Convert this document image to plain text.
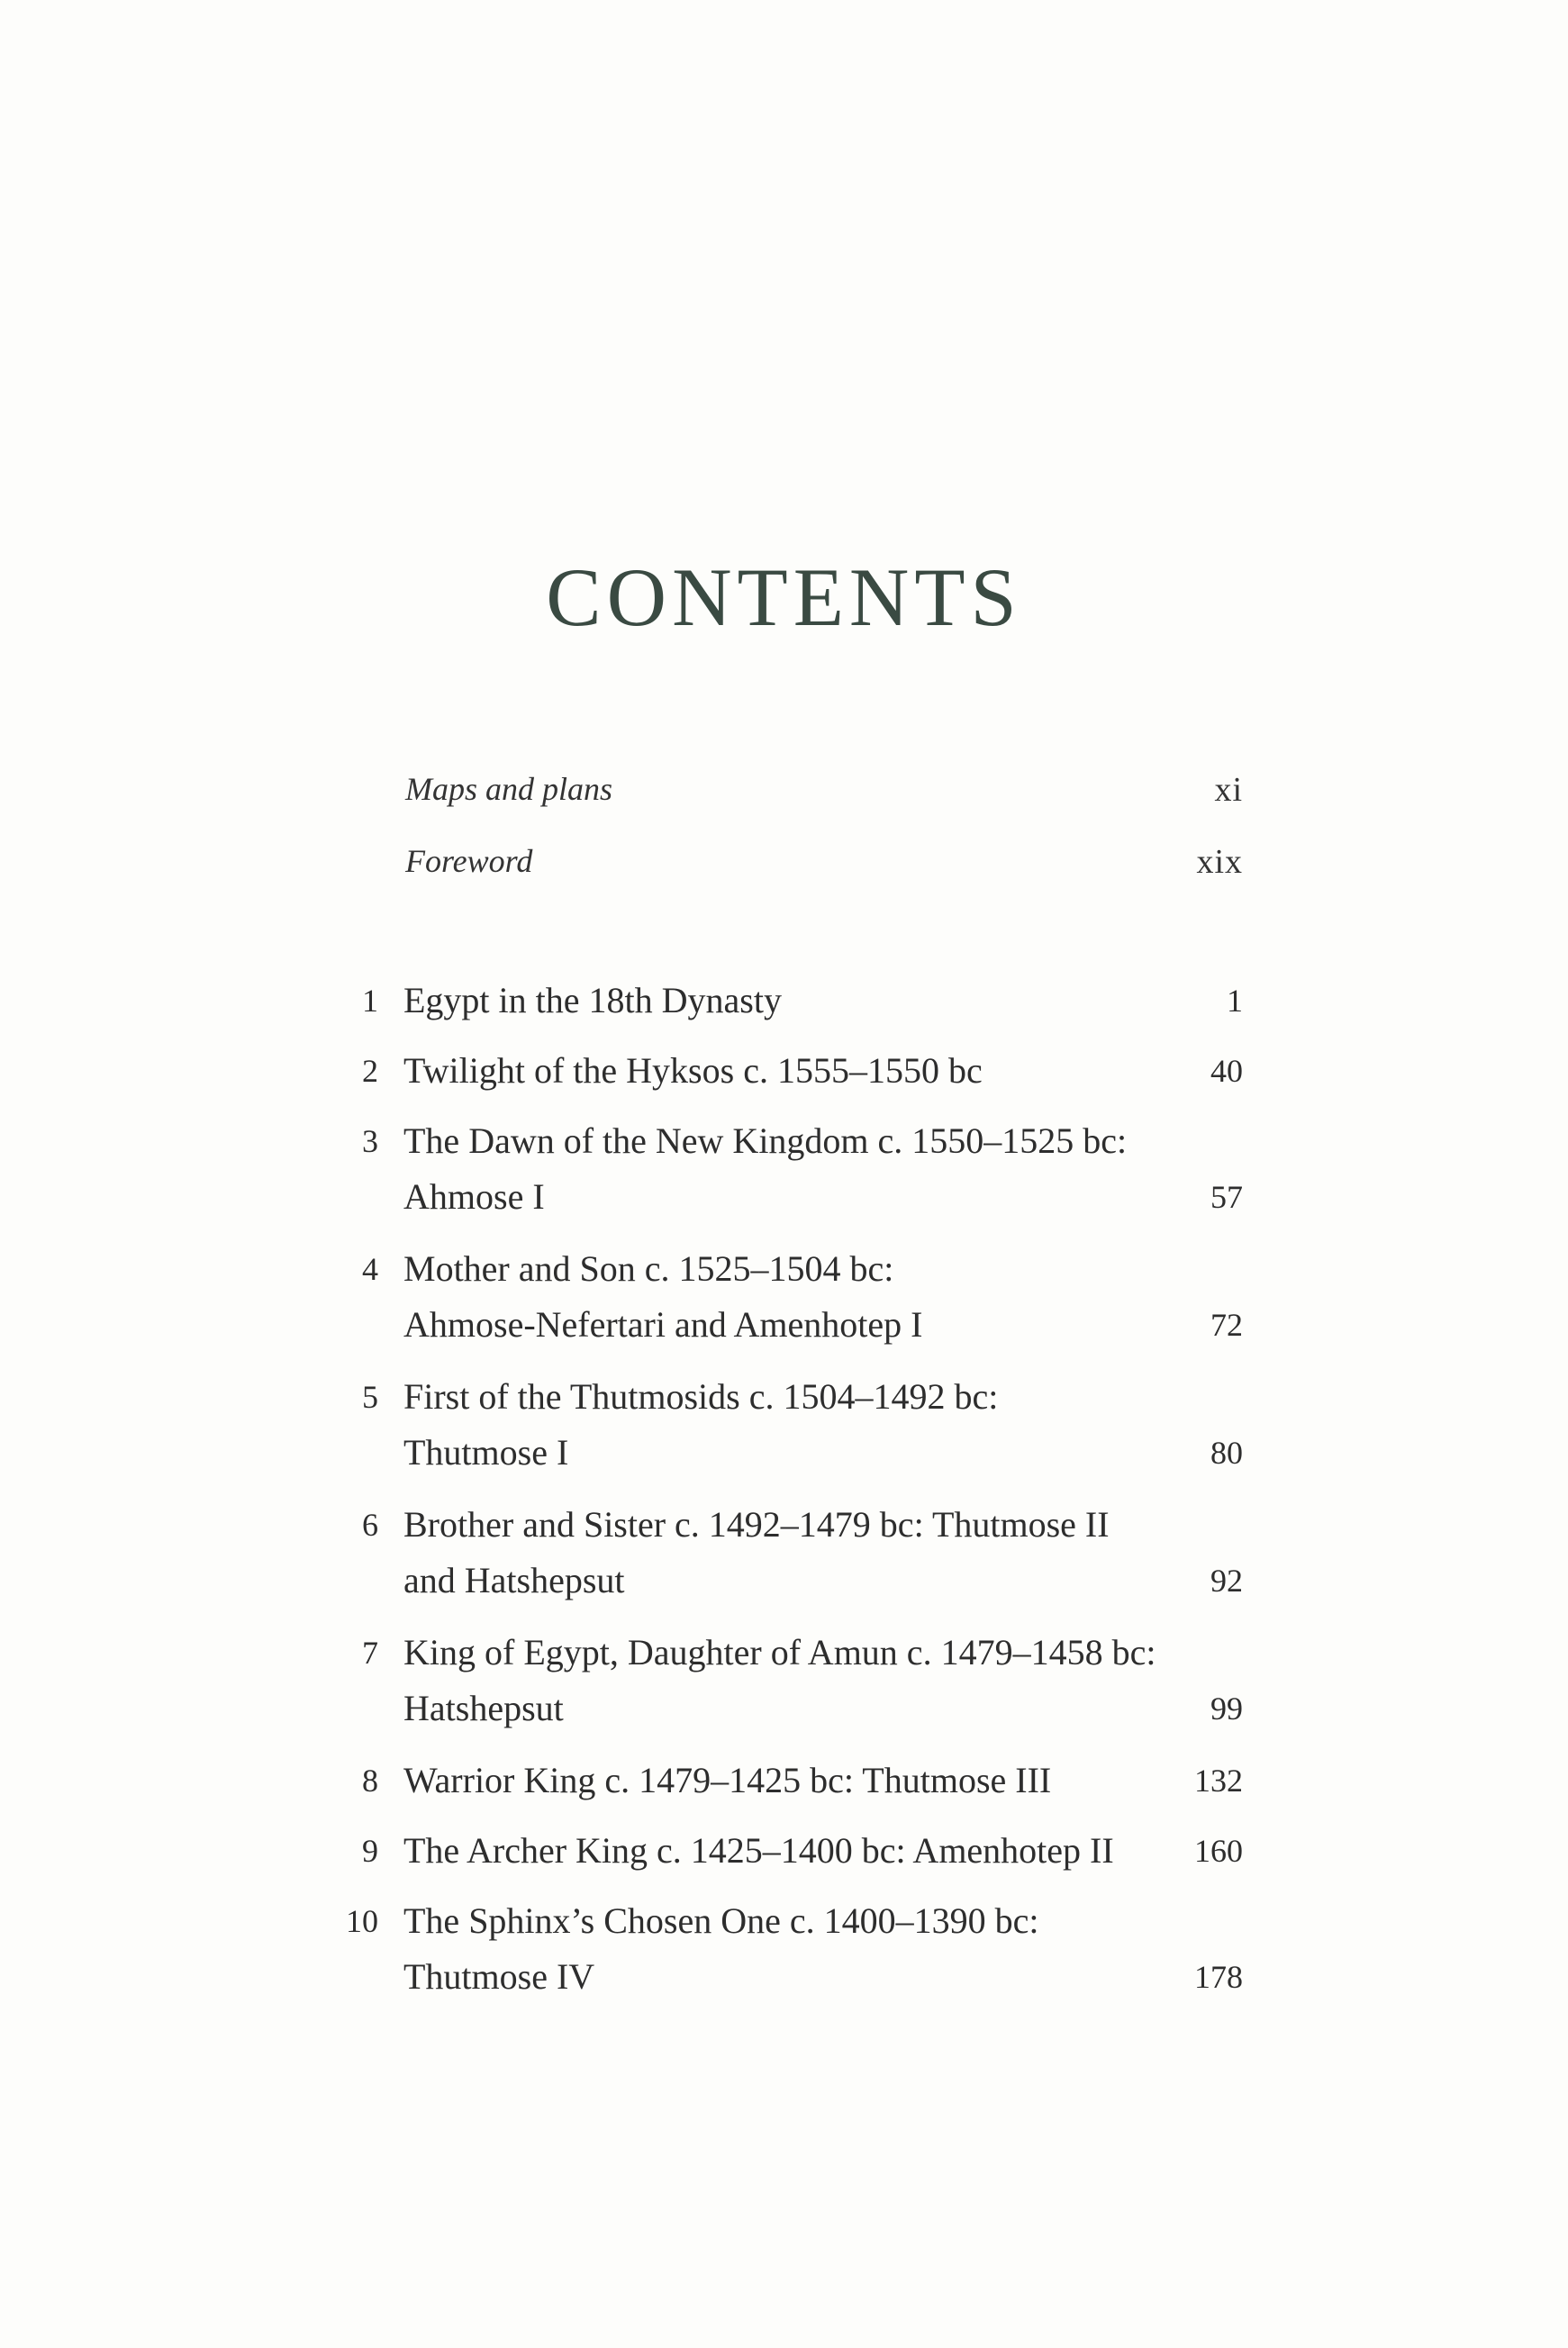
CONTENTS
Maps and plans	xi
Foreword	xix
1 Egypt in the 18th Dynasty	1
2 Twilight of the Hyksos c. 1555–1550 bc	40
3 The Dawn of the New Kingdom c. 1550–1525 bc:
Ahmose I	57
4 Mother and Son c. 1525–1504 bc:
Ahmose-Nefertari and Amenhotep I	72
5 First of the Thutmosids c. 1504–1492 bc:
Thutmose I	80
6 Brother and Sister c. 1492–1479 bc: Thutmose II
and Hatshepsut	92
7 King of Egypt, Daughter of Amun c. 1479–1458 bc:
Hatshepsut	99
8 Warrior King c. 1479–1425 bc: Thutmose III	132
9 The Archer King c. 1425–1400 bc: Amenhotep II	160
10 The Sphinx’s Chosen One c. 1400–1390 bc:
Thutmose IV	178
